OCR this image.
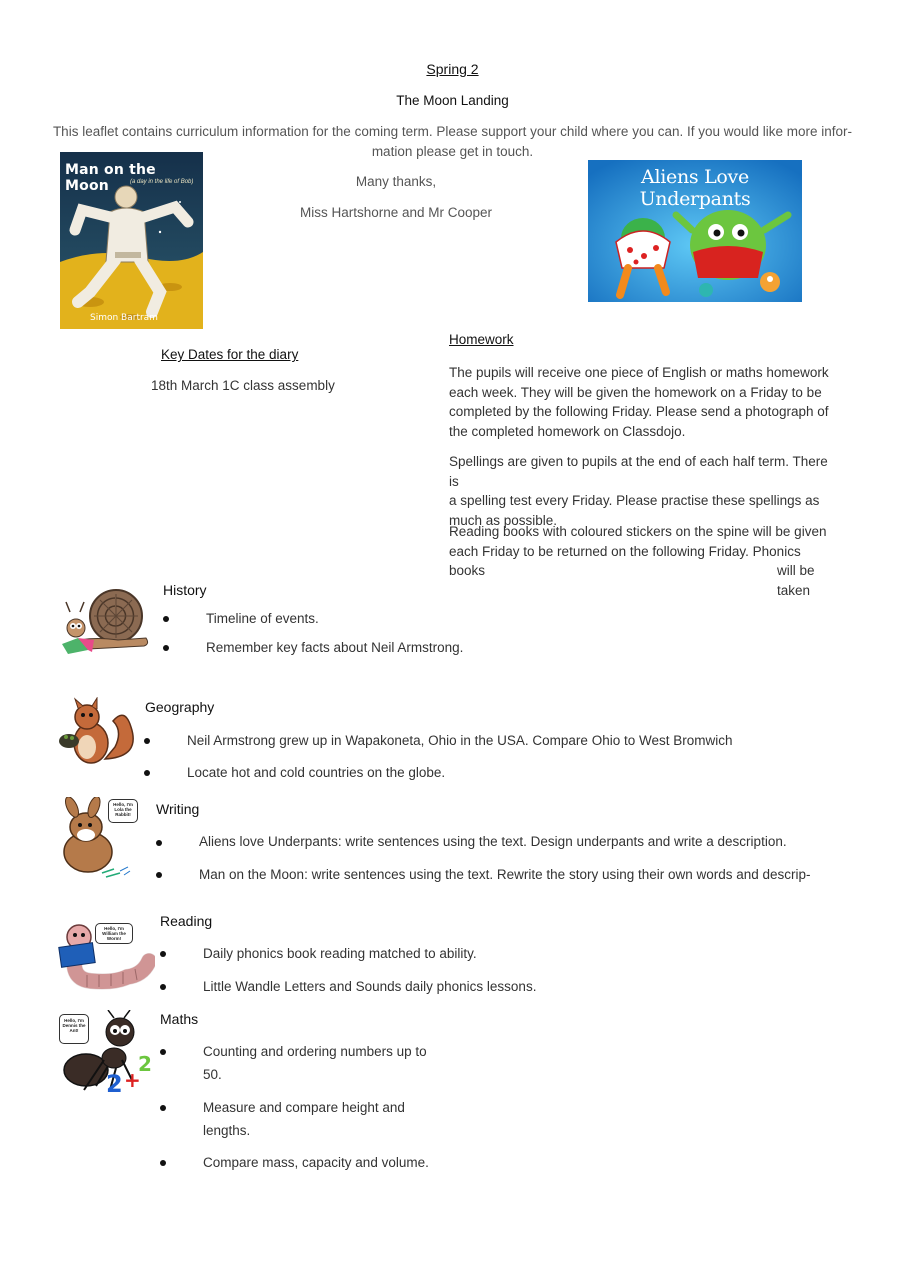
Spring 2
The Moon Landing
This leaflet contains curriculum information for the coming term. Please support your child where you can. If you would like more infor-
mation please get in touch.
Many thanks,
Miss Hartshorne and Mr Cooper
Man on the Moon	(a day in the life of Bob)
Simon Bartram
Aliens Love Underpants
Key Dates for the diary
18th March 1C class assembly
Homework
The pupils will receive one piece of English or maths homework
each week. They will be given the homework on a Friday to be
completed by the following Friday. Please send a photograph of
the completed homework on Classdojo.
Spellings are given to pupils at the end of each half term. There is
a spelling test every Friday. Please practise these spellings as
much as possible.
Reading books with coloured stickers on the spine will be given
each Friday to be returned on the following Friday. Phonics books	will be
taken
History
Timeline of events.
Remember key facts about Neil Armstrong.
Geography
Neil Armstrong grew up in Wapakoneta, Ohio in the USA. Compare Ohio to West Bromwich
Locate hot and cold countries on the globe.
Hello, I'm Lola the Rabbit!	Writing
Aliens love Underpants: write sentences using the text. Design underpants and write a description.
Man on the Moon: write sentences using the text. Rewrite the story using their own words and descrip-
Hello, I'm William the Worm!
Reading
Daily phonics book reading matched to ability.
Little Wandle Letters and Sounds daily phonics lessons.
Hello, I'm Dennis the Ant!
2 +
2
Maths
Counting and ordering numbers up to
50.
Measure and compare height and
lengths.
Compare mass, capacity and volume.
